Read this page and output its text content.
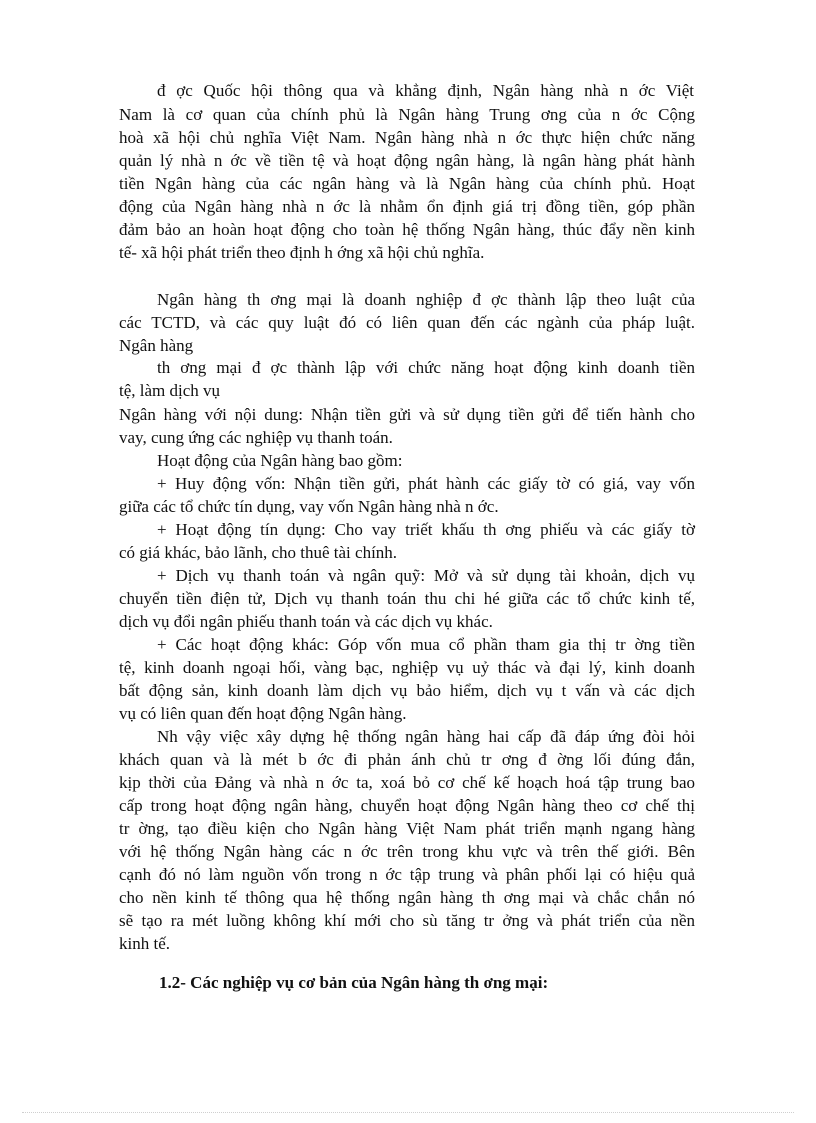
đ ợc Quốc hội thông qua và khẳng định, Ngân hàng nhà n ớc Việt
Nam là cơ quan của chính phủ là Ngân hàng Trung ơng của n ớc Cộng
hoà xã hội chủ nghĩa Việt Nam. Ngân hàng nhà n ớc thực hiện chức năng
quản lý nhà n ớc về tiền tệ và hoạt động ngân hàng, là ngân hàng phát hành
tiền Ngân hàng của các ngân hàng và là Ngân hàng của chính phủ. Hoạt
động của Ngân hàng nhà n ớc là nhằm ổn định giá trị đồng tiền, góp phần
đảm bảo an hoàn hoạt động cho toàn hệ thống Ngân hàng, thúc đẩy nền kinh
tế- xã hội phát triển theo định h ớng xã hội chủ nghĩa.
Ngân hàng th ơng mại là doanh nghiệp đ ợc thành lập theo luật của
các TCTD, và các quy luật đó có liên quan đến các ngành của pháp luật.
Ngân hàng
th ơng mại đ ợc thành lập với chức năng hoạt động kinh doanh tiền
tệ, làm dịch vụ
Ngân hàng với nội dung: Nhận tiền gửi và sử dụng tiền gửi để tiến hành cho
vay, cung ứng các nghiệp vụ thanh toán.
Hoạt động của Ngân hàng bao gồm:
+ Huy động vốn: Nhận tiền gửi, phát hành các giấy tờ có giá, vay vốn
giữa các tổ chức tín dụng, vay vốn Ngân hàng nhà n ớc.
+ Hoạt động tín dụng: Cho vay triết khấu th ơng phiếu và các giấy tờ
có giá khác, bảo lãnh, cho thuê tài chính.
+ Dịch vụ thanh toán và ngân quỹ: Mở và sử dụng tài khoản, dịch vụ
chuyển tiền điện tử, Dịch vụ thanh toán thu chi hé giữa các tổ chức kinh tế,
dịch vụ đổi ngân phiếu thanh toán và các dịch vụ khác.
+ Các hoạt động khác: Góp vốn mua cổ phần tham gia thị tr ờng tiền
tệ, kinh doanh ngoại hối, vàng bạc, nghiệp vụ uỷ thác và đại lý, kinh doanh
bất động sản, kinh doanh làm dịch vụ bảo hiểm, dịch vụ t vấn và các dịch
vụ có liên quan đến hoạt động Ngân hàng.
Nh vậy việc xây dựng hệ thống ngân hàng hai cấp đã đáp ứng đòi hỏi
khách quan và là mét b ớc đi phản ánh chủ tr ơng đ ờng lối đúng đắn,
kịp thời của Đảng và nhà n ớc ta, xoá bỏ cơ chế kế hoạch hoá tập trung bao
cấp trong hoạt động ngân hàng, chuyển hoạt động Ngân hàng theo cơ chế thị
tr ờng, tạo điều kiện cho Ngân hàng Việt Nam phát triển mạnh ngang hàng
với hệ thống Ngân hàng các n ớc trên trong khu vực và trên thế giới. Bên
cạnh đó nó làm nguồn vốn trong n ớc tập trung và phân phối lại có hiệu quả
cho nền kinh tế thông qua hệ thống ngân hàng th ơng mại và chắc chắn nó
sẽ tạo ra mét luồng không khí mới cho sù tăng tr ởng và phát triển của nền
kinh tế.
1.2- Các nghiệp vụ cơ bản của Ngân hàng th ơng mại:
